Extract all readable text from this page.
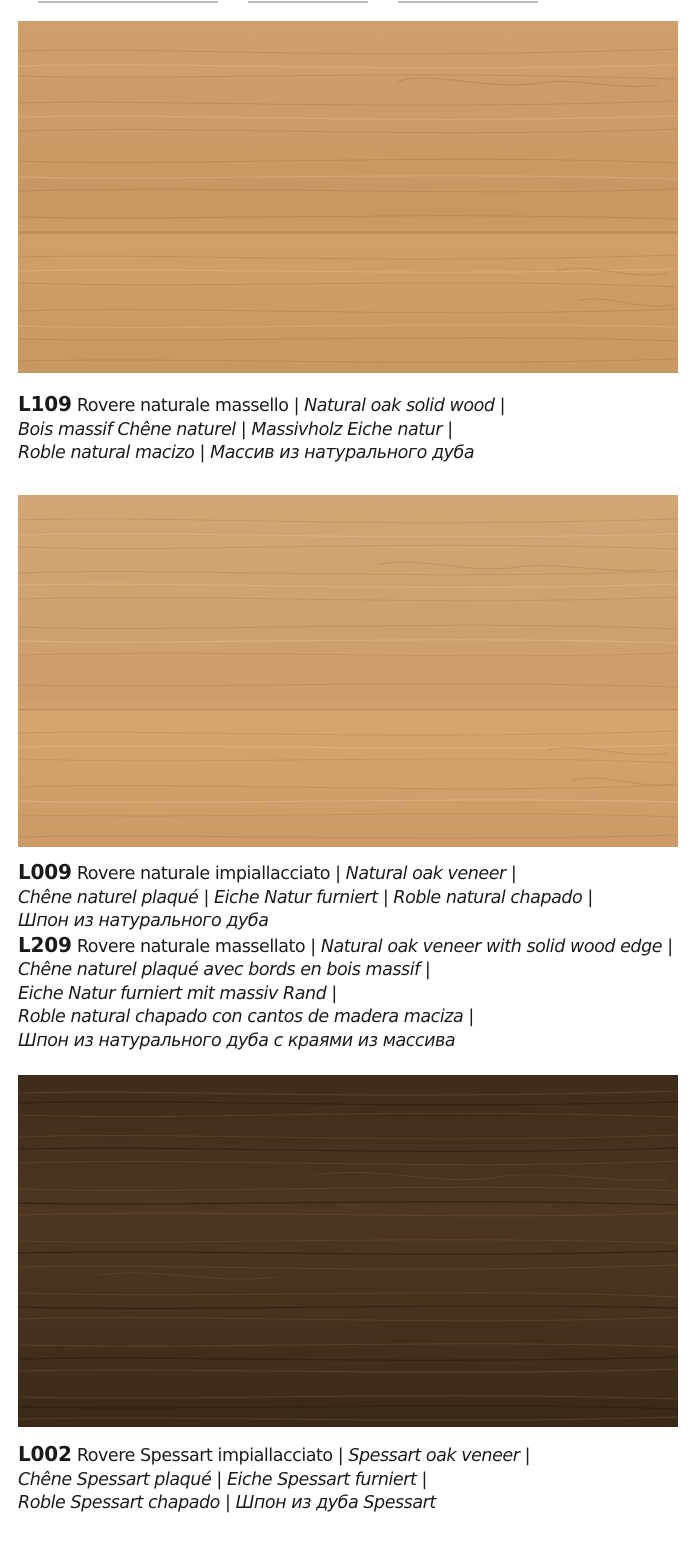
L109 Rovere naturale massello | Natural oak solid wood |
Bois massif Chêne naturel | Massivholz Eiche natur |
Roble natural macizo | Массив из натурального дуба
L009 Rovere naturale impiallacciato | Natural oak veneer |
Chêne naturel plaqué | Eiche Natur furniert | Roble natural chapado |
Шпон из натурального дуба
L209 Rovere naturale massellato | Natural oak veneer with solid wood edge |
Chêne naturel plaqué avec bords en bois massif |
Eiche Natur furniert mit massiv Rand |
Roble natural chapado con cantos de madera maciza |
Шпон из натурального дуба с краями из массива
L002 Rovere Spessart impiallacciato | Spessart oak veneer |
Chêne Spessart plaqué | Eiche Spessart furniert |
Roble Spessart chapado | Шпон из дуба Spessart
